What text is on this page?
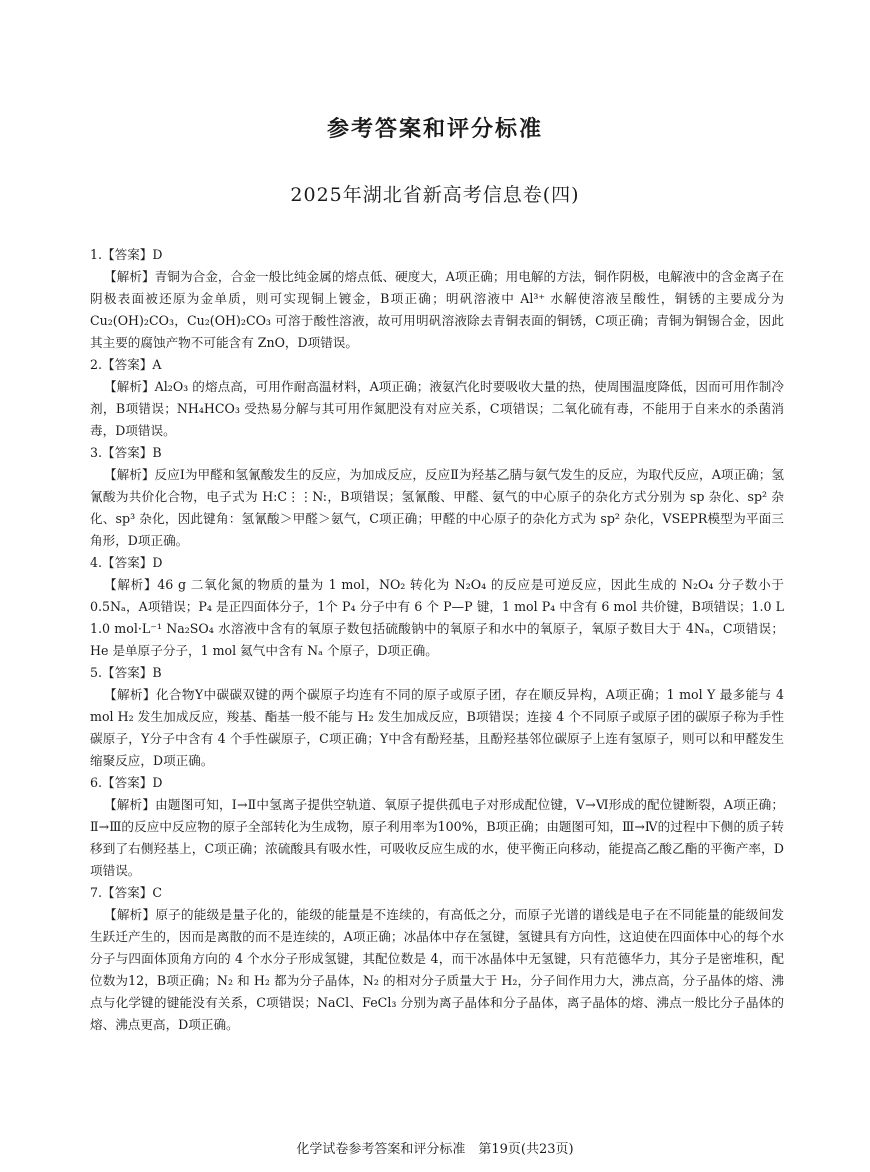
参考答案和评分标准
2025年湖北省新高考信息卷(四)
1.【答案】D

【解析】青铜为合金，合金一般比纯金属的熔点低、硬度大，A项正确；用电解的方法，铜作阴极，电解液中的含金离子在阴极表面被还原为金单质，则可实现铜上镀金，B项正确；明矾溶液中 Al³⁺ 水解使溶液呈酸性，铜锈的主要成分为 Cu₂(OH)₂CO₃，Cu₂(OH)₂CO₃ 可溶于酸性溶液，故可用明矾溶液除去青铜表面的铜锈，C项正确；青铜为铜锡合金，因此其主要的腐蚀产物不可能含有 ZnO，D项错误。

2.【答案】A

【解析】Al₂O₃ 的熔点高，可用作耐高温材料，A项正确；液氨汽化时要吸收大量的热，使周围温度降低，因而可用作制冷剂，B项错误；NH₄HCO₃ 受热易分解与其可用作氮肥没有对应关系，C项错误；二氧化硫有毒，不能用于自来水的杀菌消毒，D项错误。

3.【答案】B

【解析】反应Ⅰ为甲醛和氢氰酸发生的反应，为加成反应，反应Ⅱ为羟基乙腈与氨气发生的反应，为取代反应，A项正确；氢氰酸为共价化合物，电子式为 H:C⋮⋮N:，B项错误；氢氰酸、甲醛、氨气的中心原子的杂化方式分别为 sp 杂化、sp² 杂化、sp³ 杂化，因此键角：氢氰酸＞甲醛＞氨气，C项正确；甲醛的中心原子的杂化方式为 sp² 杂化，VSEPR模型为平面三角形，D项正确。

4.【答案】D

【解析】46 g 二氧化氮的物质的量为 1 mol，NO₂ 转化为 N₂O₄ 的反应是可逆反应，因此生成的 N₂O₄ 分子数小于 0.5Nₐ，A项错误；P₄ 是正四面体分子，1个 P₄ 分子中有 6 个 P—P 键，1 mol P₄ 中含有 6 mol 共价键，B项错误；1.0 L 1.0 mol·L⁻¹ Na₂SO₄ 水溶液中含有的氧原子数包括硫酸钠中的氧原子和水中的氧原子，氧原子数目大于 4Nₐ，C项错误；He 是单原子分子，1 mol 氦气中含有 Nₐ 个原子，D项正确。

5.【答案】B

【解析】化合物Y中碳碳双键的两个碳原子均连有不同的原子或原子团，存在顺反异构，A项正确；1 mol Y 最多能与 4 mol H₂ 发生加成反应，羧基、酯基一般不能与 H₂ 发生加成反应，B项错误；连接 4 个不同原子或原子团的碳原子称为手性碳原子，Y分子中含有 4 个手性碳原子，C项正确；Y中含有酚羟基，且酚羟基邻位碳原子上连有氢原子，则可以和甲醛发生缩聚反应，D项正确。

6.【答案】D

【解析】由题图可知，Ⅰ→Ⅱ中氢离子提供空轨道、氧原子提供孤电子对形成配位键，Ⅴ→Ⅵ形成的配位键断裂，A项正确；Ⅱ→Ⅲ的反应中反应物的原子全部转化为生成物，原子利用率为100%，B项正确；由题图可知，Ⅲ→Ⅳ的过程中下侧的质子转移到了右侧羟基上，C项正确；浓硫酸具有吸水性，可吸收反应生成的水，使平衡正向移动，能提高乙酸乙酯的平衡产率，D项错误。

7.【答案】C

【解析】原子的能级是量子化的，能级的能量是不连续的，有高低之分，而原子光谱的谱线是电子在不同能量的能级间发生跃迁产生的，因而是离散的而不是连续的，A项正确；冰晶体中存在氢键，氢键具有方向性，这迫使在四面体中心的每个水分子与四面体顶角方向的 4 个水分子形成氢键，其配位数是 4，而干冰晶体中无氢键，只有范德华力，其分子是密堆积，配位数为12，B项正确；N₂ 和 H₂ 都为分子晶体，N₂ 的相对分子质量大于 H₂，分子间作用力大，沸点高，分子晶体的熔、沸点与化学键的键能没有关系，C项错误；NaCl、FeCl₃ 分别为离子晶体和分子晶体，离子晶体的熔、沸点一般比分子晶体的熔、沸点更高，D项正确。

化学试卷参考答案和评分标准　第19页(共23页)
